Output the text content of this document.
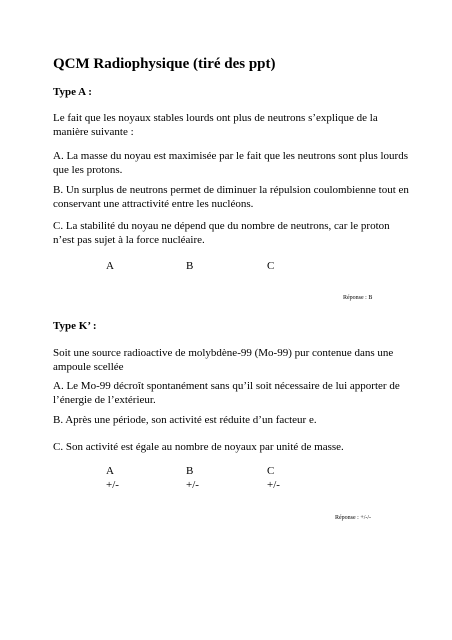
QCM Radiophysique (tiré des ppt)
Type A :
Le fait que les noyaux stables lourds ont plus de neutrons s’explique de la
manière suivante :
A. La masse du noyau est maximisée par le fait que les neutrons sont plus lourds
que les protons.
B. Un surplus de neutrons permet de diminuer la répulsion coulombienne tout en
conservant une attractivité entre les nucléons.
C. La stabilité du noyau ne dépend que du nombre de neutrons, car le proton
n’est pas sujet à la force nucléaire.
A	B	C
Réponse : B
Type K’ :
Soit une source radioactive de molybdène-99 (Mo-99) pur contenue dans une
ampoule scellée
A. Le Mo-99 décroît spontanément sans qu’il soit nécessaire de lui apporter de
l’énergie de l’extérieur.
B. Après une période, son activité est réduite d’un facteur e.
C. Son activité est égale au nombre de noyaux par unité de masse.
A	B	C
+/-	+/-	+/-
Réponse : +/-/-
